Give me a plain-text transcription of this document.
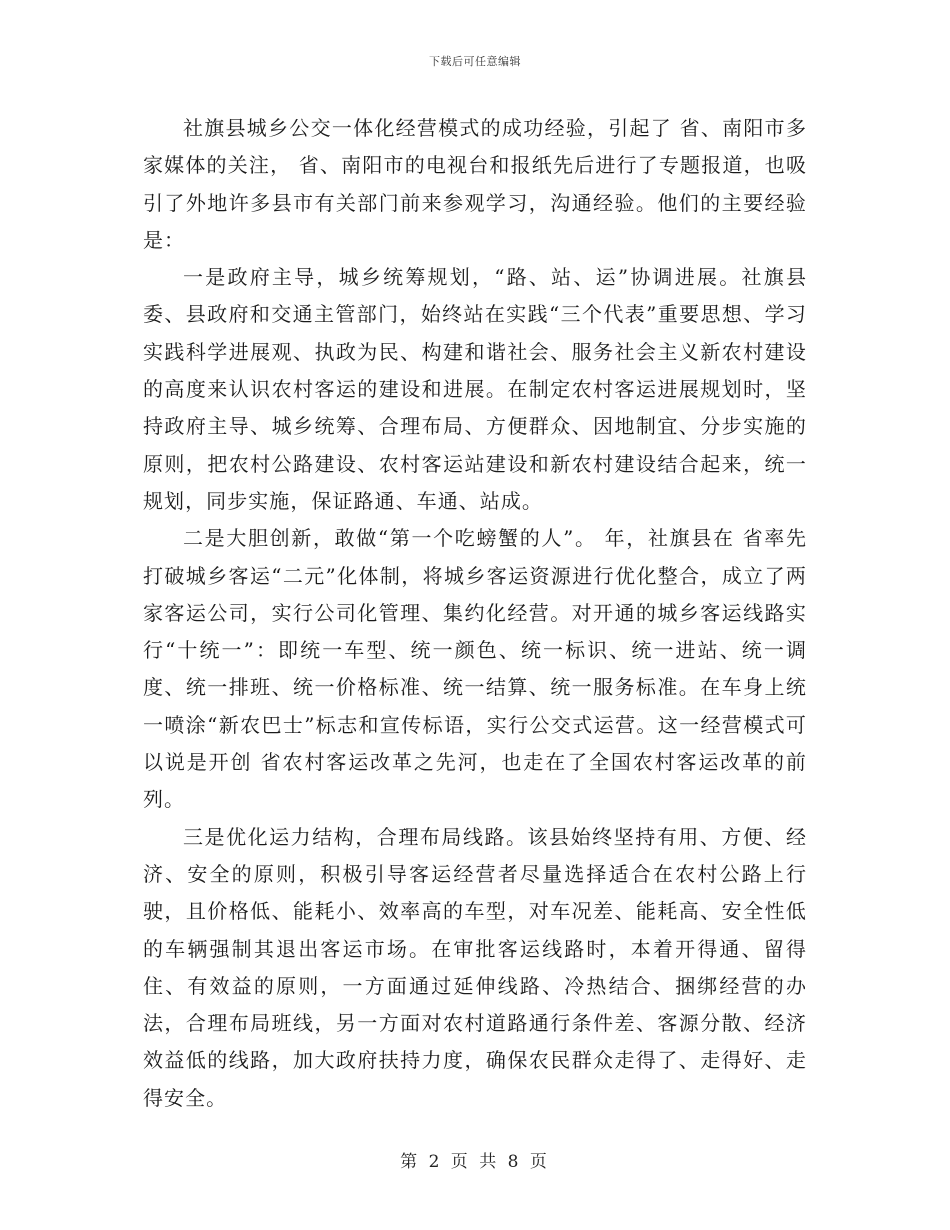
下载后可任意编辑

社旗县城乡公交一体化经营模式的成功经验，引起了 省、南阳市多家媒体的关注， 省、南阳市的电视台和报纸先后进行了专题报道，也吸引了外地许多县市有关部门前来参观学习，沟通经验。他们的主要经验是：

一是政府主导，城乡统筹规划，“路、站、运”协调进展。社旗县委、县政府和交通主管部门，始终站在实践“三个代表”重要思想、学习实践科学进展观、执政为民、构建和谐社会、服务社会主义新农村建设的高度来认识农村客运的建设和进展。在制定农村客运进展规划时，坚持政府主导、城乡统筹、合理布局、方便群众、因地制宜、分步实施的原则，把农村公路建设、农村客运站建设和新农村建设结合起来，统一规划，同步实施，保证路通、车通、站成。

二是大胆创新，敢做“第一个吃螃蟹的人”。 年，社旗县在 省率先打破城乡客运“二元”化体制，将城乡客运资源进行优化整合，成立了两家客运公司，实行公司化管理、集约化经营。对开通的城乡客运线路实行“十统一”：即统一车型、统一颜色、统一标识、统一进站、统一调度、统一排班、统一价格标准、统一结算、统一服务标准。在车身上统一喷涂“新农巴士”标志和宣传标语，实行公交式运营。这一经营模式可以说是开创 省农村客运改革之先河，也走在了全国农村客运改革的前列。

三是优化运力结构，合理布局线路。该县始终坚持有用、方便、经济、安全的原则，积极引导客运经营者尽量选择适合在农村公路上行驶，且价格低、能耗小、效率高的车型，对车况差、能耗高、安全性低的车辆强制其退出客运市场。在审批客运线路时，本着开得通、留得住、有效益的原则，一方面通过延伸线路、冷热结合、捆绑经营的办法，合理布局班线，另一方面对农村道路通行条件差、客源分散、经济效益低的线路，加大政府扶持力度，确保农民群众走得了、走得好、走得安全。

第 2 页 共 8 页
